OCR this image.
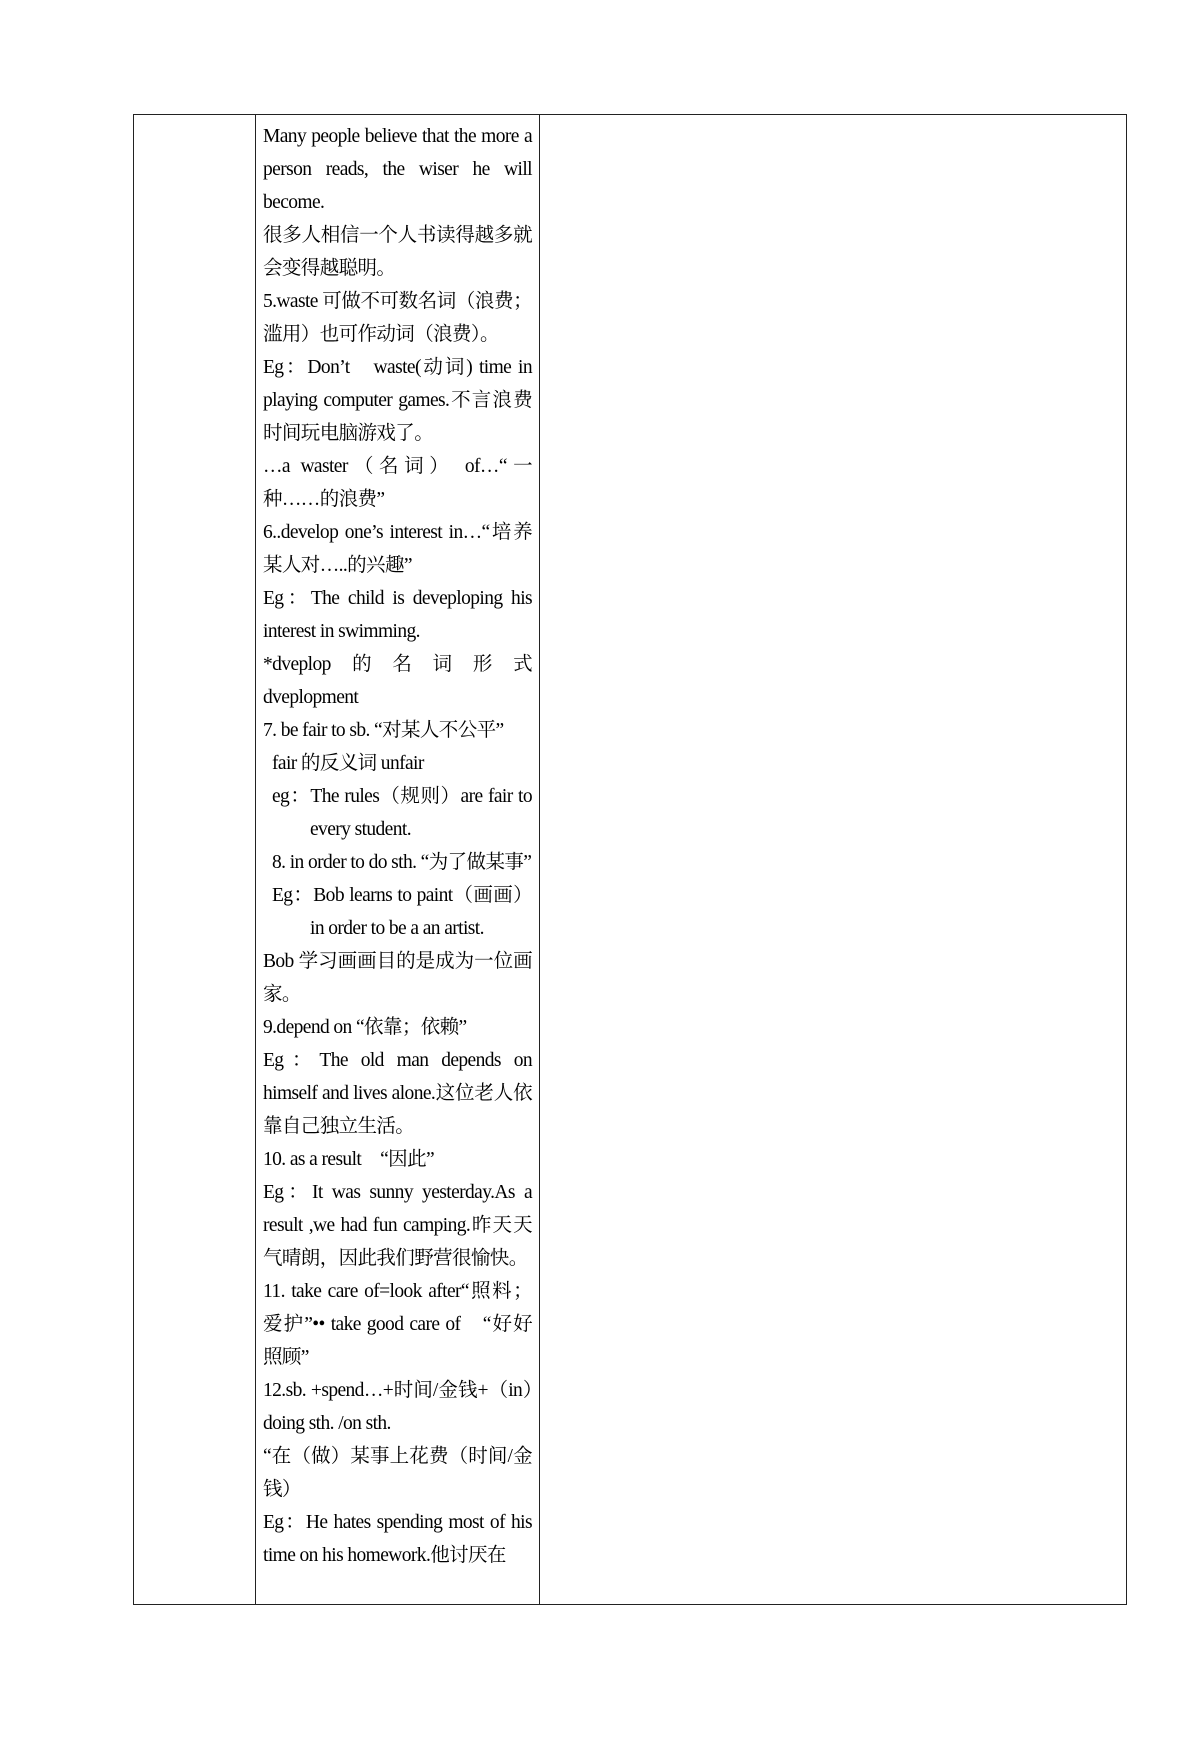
Many people believe that the more a person reads, the wiser he will become.

很多人相信一个人书读得越多就会变得越聪明。

5.waste 可做不可数名词（浪费；滥用）也可作动词（浪费）。

Eg：Don’t　waste(动词) time in playing computer games.不言浪费时间玩电脑游戏了。

…a waster（名词） of…“一种……的浪费”

6..develop one’s interest in…“培养某人对…..的兴趣”

Eg：The child is deveploping his interest in swimming.

*dveplop　的　名　词　形　式 dveplopment

7. be fair to sb. “对某人不公平”

fair 的反义词 unfair

eg：The rules（规则）are fair to every student.

8. in order to do sth. “为了做某事”

Eg：Bob learns to paint（画画）in order to be a an artist.

Bob 学习画画目的是成为一位画家。

9.depend on “依靠；依赖”

Eg：The old man depends on himself and lives alone.这位老人依靠自己独立生活。

10. as a result　“因此”

Eg：It was sunny yesterday.As a result ,we had fun camping.昨天天气晴朗，因此我们野营很愉快。

11. take care of=look after“照料；爱护”•• take good care of　“好好照顾”

12.sb. +spend…+时间/金钱+（in）doing sth. /on sth.

“在（做）某事上花费（时间/金钱）

Eg：He hates spending most of his time on his homework.他讨厌在
